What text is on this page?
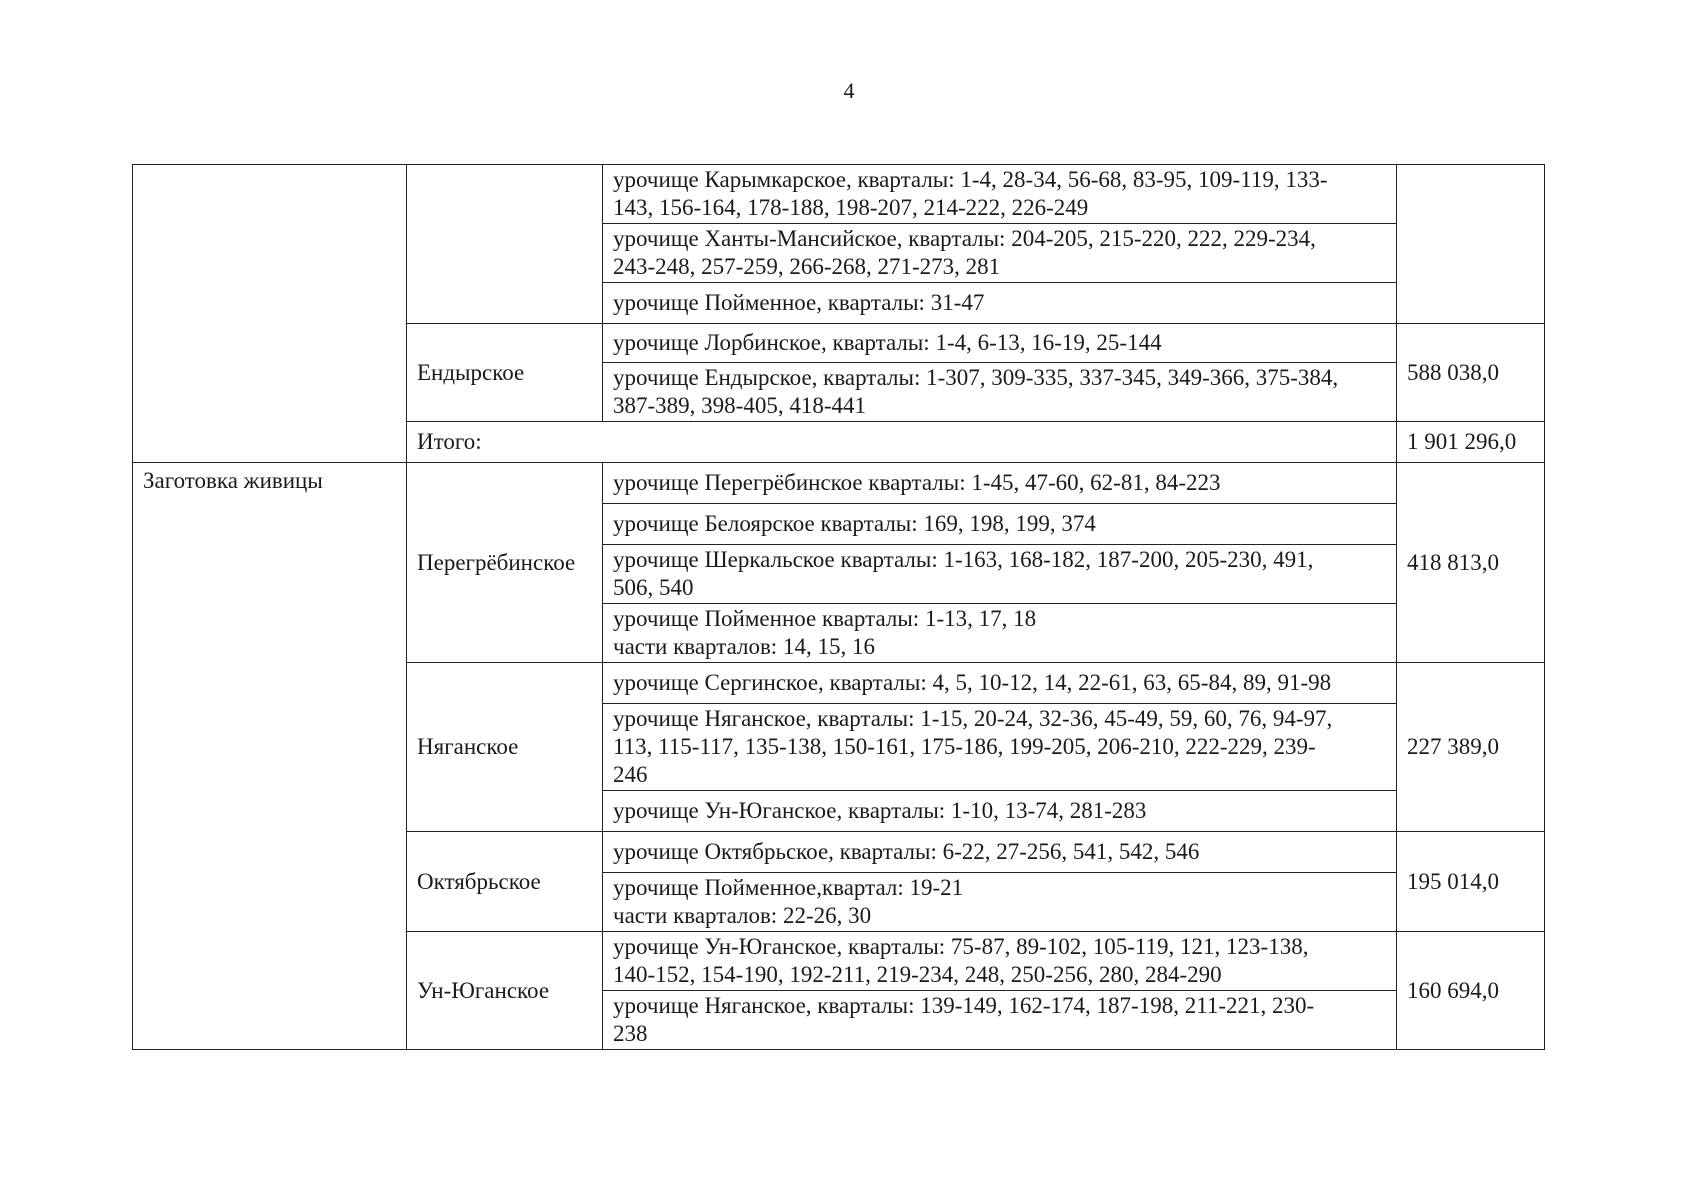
4

		урочище Карымкарское, кварталы: 1-4, 28-34, 56-68, 83-95, 109-119, 133-
143, 156-164, 178-188, 198-207, 214-222, 226-249	

		урочище Ханты-Мансийское, кварталы: 204-205, 215-220, 222, 229-234,
243-248, 257-259, 266-268, 271-273, 281	

		урочище Пойменное, кварталы: 31-47	

	Ендырское	урочище Лорбинское, кварталы: 1-4, 6-13, 16-19, 25-144	588 038,0

		урочище Ендырское, кварталы: 1-307, 309-335, 337-345, 349-366, 375-384,
387-389, 398-405, 418-441	

	Итого:		1 901 296,0
Заготовка живицы	Перегрёбинское	урочище Перегрёбинское кварталы: 1-45, 47-60, 62-81, 84-223	418 813,0

		урочище Белоярское кварталы: 169, 198, 199, 374	

		урочище Шеркальское кварталы: 1-163, 168-182, 187-200, 205-230, 491,
506, 540	

		урочище Пойменное кварталы: 1-13, 17, 18
части кварталов: 14, 15, 16	

	Няганское	урочище Сергинское, кварталы: 4, 5, 10-12, 14, 22-61, 63, 65-84, 89, 91-98	227 389,0

		урочище Няганское, кварталы: 1-15, 20-24, 32-36, 45-49, 59, 60, 76, 94-97,
113, 115-117, 135-138, 150-161, 175-186, 199-205, 206-210, 222-229, 239-
246	

		урочище Ун-Юганское, кварталы: 1-10, 13-74, 281-283	

	Октябрьское	урочище Октябрьское, кварталы: 6-22, 27-256, 541, 542, 546	195 014,0

		урочище Пойменное,квартал: 19-21
части кварталов: 22-26, 30	

	Ун-Юганское	урочище Ун-Юганское, кварталы: 75-87, 89-102, 105-119, 121, 123-138,
140-152, 154-190, 192-211, 219-234, 248, 250-256, 280, 284-290	160 694,0

		урочище Няганское, кварталы: 139-149, 162-174, 187-198, 211-221, 230-
238	
